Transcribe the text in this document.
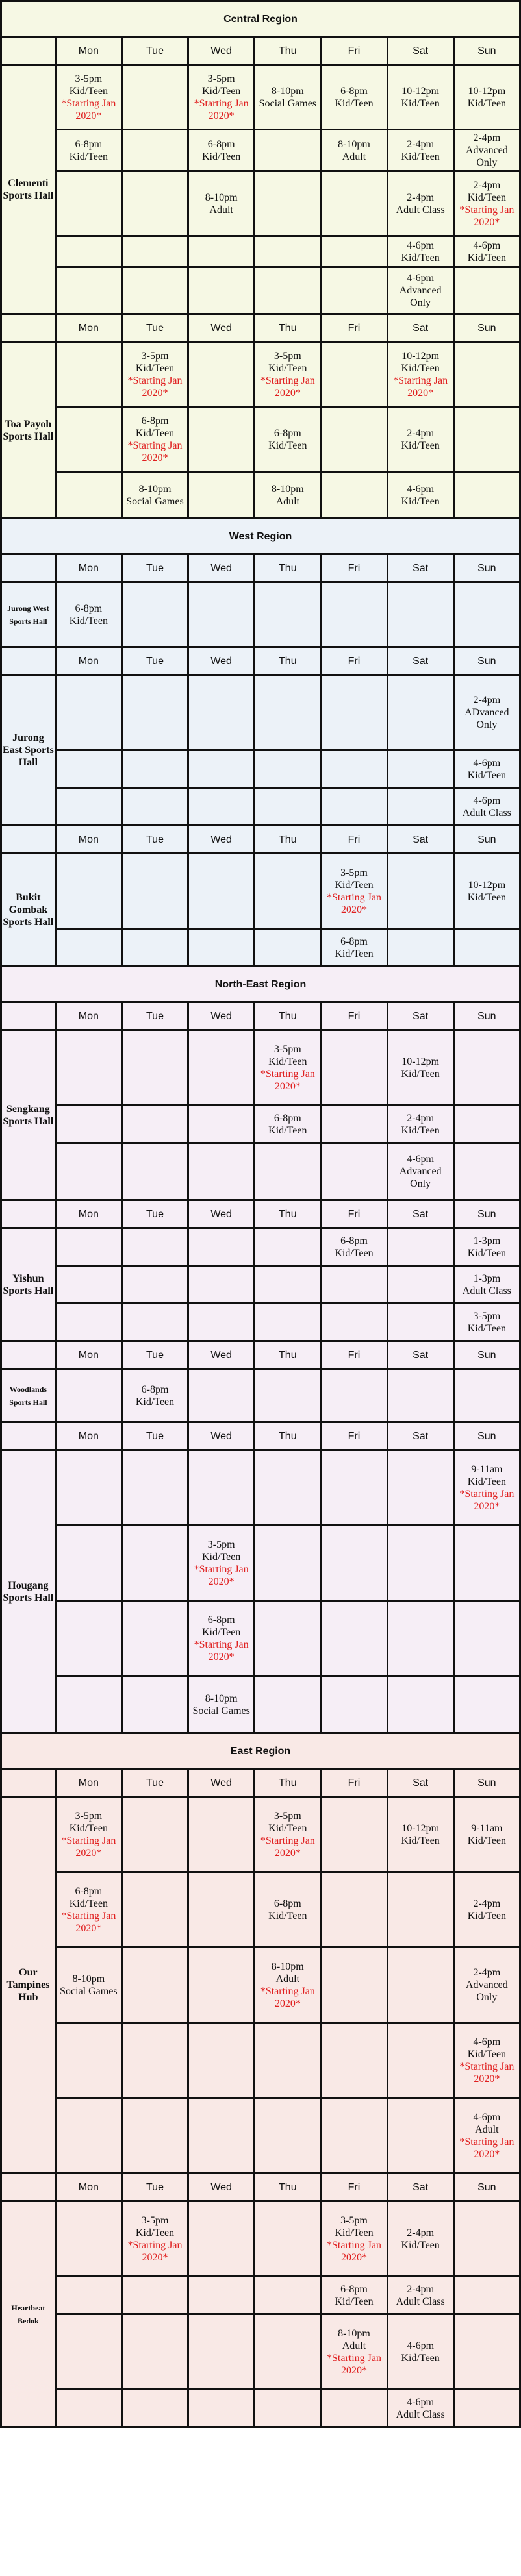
Central Region							
	Mon	Tue	Wed	Thu	Fri	Sat	Sun
Clementi Sports Hall	3-5pm
Kid/Teen
*Starting Jan 2020*		3-5pm
Kid/Teen
*Starting Jan 2020*	8-10pm
Social Games	6-8pm
Kid/Teen	10-12pm
Kid/Teen	10-12pm
Kid/Teen

	6-8pm
Kid/Teen		6-8pm
Kid/Teen		8-10pm
Adult	2-4pm
Kid/Teen	2-4pm
Advanced Only

			8-10pm
Adult			2-4pm
Adult Class	2-4pm
Kid/Teen
*Starting Jan 2020*

						4-6pm
Kid/Teen	4-6pm
Kid/Teen

						4-6pm
Advanced Only	

	Mon	Tue	Wed	Thu	Fri	Sat	Sun
Toa Payoh Sports Hall		3-5pm
Kid/Teen
*Starting Jan 2020*		3-5pm
Kid/Teen
*Starting Jan 2020*		10-12pm
Kid/Teen
*Starting Jan 2020*	

		6-8pm
Kid/Teen
*Starting Jan 2020*		6-8pm
Kid/Teen		2-4pm
Kid/Teen	

		8-10pm
Social Games		8-10pm
Adult		4-6pm
Kid/Teen	

West Region							
	Mon	Tue	Wed	Thu	Fri	Sat	Sun
Jurong West Sports Hall	6-8pm
Kid/Teen						

	Mon	Tue	Wed	Thu	Fri	Sat	Sun
Jurong East Sports Hall							2-4pm
ADvanced Only

							4-6pm
Kid/Teen

							4-6pm
Adult Class

	Mon	Tue	Wed	Thu	Fri	Sat	Sun
Bukit Gombak Sports Hall					3-5pm
Kid/Teen
*Starting Jan 2020*		10-12pm
Kid/Teen

					6-8pm
Kid/Teen		

North-East Region							
	Mon	Tue	Wed	Thu	Fri	Sat	Sun
Sengkang Sports Hall				3-5pm
Kid/Teen
*Starting Jan 2020*		10-12pm
Kid/Teen	

				6-8pm
Kid/Teen		2-4pm
Kid/Teen	

						4-6pm
Advanced Only	

	Mon	Tue	Wed	Thu	Fri	Sat	Sun
Yishun Sports Hall					6-8pm
Kid/Teen		1-3pm
Kid/Teen

							1-3pm
Adult Class

							3-5pm
Kid/Teen

	Mon	Tue	Wed	Thu	Fri	Sat	Sun
Woodlands Sports Hall		6-8pm
Kid/Teen					

	Mon	Tue	Wed	Thu	Fri	Sat	Sun
Hougang Sports Hall							9-11am
Kid/Teen
*Starting Jan 2020*

			3-5pm
Kid/Teen
*Starting Jan 2020*				

			6-8pm
Kid/Teen
*Starting Jan 2020*				

			8-10pm
Social Games				

East Region							
	Mon	Tue	Wed	Thu	Fri	Sat	Sun
Our Tampines Hub	3-5pm
Kid/Teen
*Starting Jan 2020*			3-5pm
Kid/Teen
*Starting Jan 2020*		10-12pm
Kid/Teen	9-11am
Kid/Teen

	6-8pm
Kid/Teen
*Starting Jan 2020*			6-8pm
Kid/Teen			2-4pm
Kid/Teen

	8-10pm
Social Games			8-10pm
Adult
*Starting Jan 2020*			2-4pm
Advanced Only

							4-6pm
Kid/Teen
*Starting Jan 2020*

							4-6pm
Adult
*Starting Jan 2020*

	Mon	Tue	Wed	Thu	Fri	Sat	Sun
Heartbeat Bedok		3-5pm
Kid/Teen
*Starting Jan 2020*			3-5pm
Kid/Teen
*Starting Jan 2020*	2-4pm
Kid/Teen	

					6-8pm
Kid/Teen	2-4pm
Adult Class	

					8-10pm
Adult
*Starting Jan 2020*	4-6pm
Kid/Teen	

						4-6pm
Adult Class	
